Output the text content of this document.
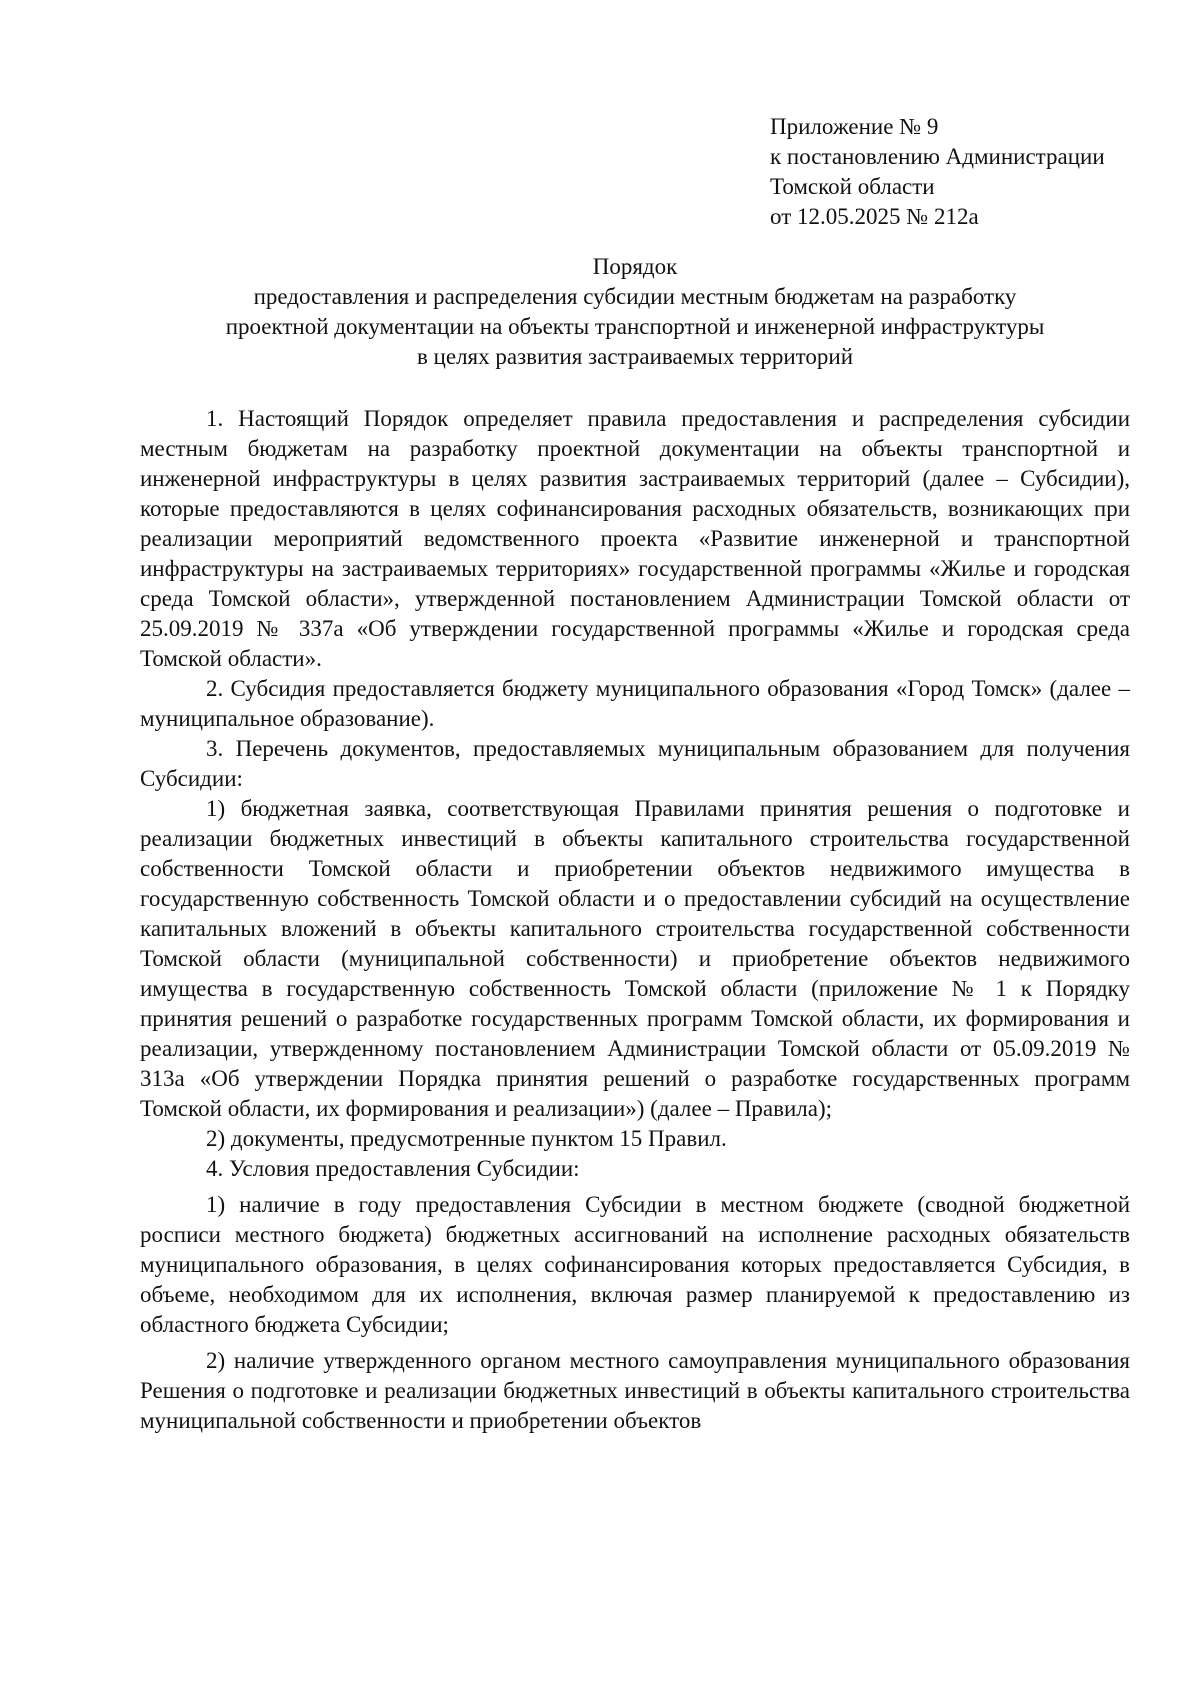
Приложение № 9
к постановлению Администрации
Томской области
от 12.05.2025 № 212а
Порядок
предоставления и распределения субсидии местным бюджетам на разработку
проектной документации на объекты транспортной и инженерной инфраструктуры
в целях развития застраиваемых территорий

1. Настоящий Порядок определяет правила предоставления и распределения субсидии местным бюджетам на разработку проектной документации на объекты транспортной и инженерной инфраструктуры в целях развития застраиваемых территорий (далее – Субсидии), которые предоставляются в целях софинансирования расходных обязательств, возникающих при реализации мероприятий ведомственного проекта «Развитие инженерной и транспортной инфраструктуры на застраиваемых территориях» государственной программы «Жилье и городская среда Томской области», утвержденной постановлением Администрации Томской области от 25.09.2019 № 337а «Об утверждении государственной программы «Жилье и городская среда Томской области».

2. Субсидия предоставляется бюджету муниципального образования «Город Томск» (далее – муниципальное образование).

3. Перечень документов, предоставляемых муниципальным образованием для получения Субсидии:

1) бюджетная заявка, соответствующая Правилами принятия решения о подготовке и реализации бюджетных инвестиций в объекты капитального строительства государственной собственности Томской области и приобретении объектов недвижимого имущества в государственную собственность Томской области и о предоставлении субсидий на осуществление капитальных вложений в объекты капитального строительства государственной собственности Томской области (муниципальной собственности) и приобретение объектов недвижимого имущества в государственную собственность Томской области (приложение № 1 к Порядку принятия решений о разработке государственных программ Томской области, их формирования и реализации, утвержденному постановлением Администрации Томской области от 05.09.2019 № 313а «Об утверждении Порядка принятия решений о разработке государственных программ Томской области, их формирования и реализации») (далее – Правила);

2) документы, предусмотренные пунктом 15 Правил.

4. Условия предоставления Субсидии:

1) наличие в году предоставления Субсидии в местном бюджете (сводной бюджетной росписи местного бюджета) бюджетных ассигнований на исполнение расходных обязательств муниципального образования, в целях софинансирования которых предоставляется Субсидия, в объеме, необходимом для их исполнения, включая размер планируемой к предоставлению из областного бюджета Субсидии;

2) наличие утвержденного органом местного самоуправления муниципального образования Решения о подготовке и реализации бюджетных инвестиций в объекты капитального строительства муниципальной собственности и приобретении объектов
